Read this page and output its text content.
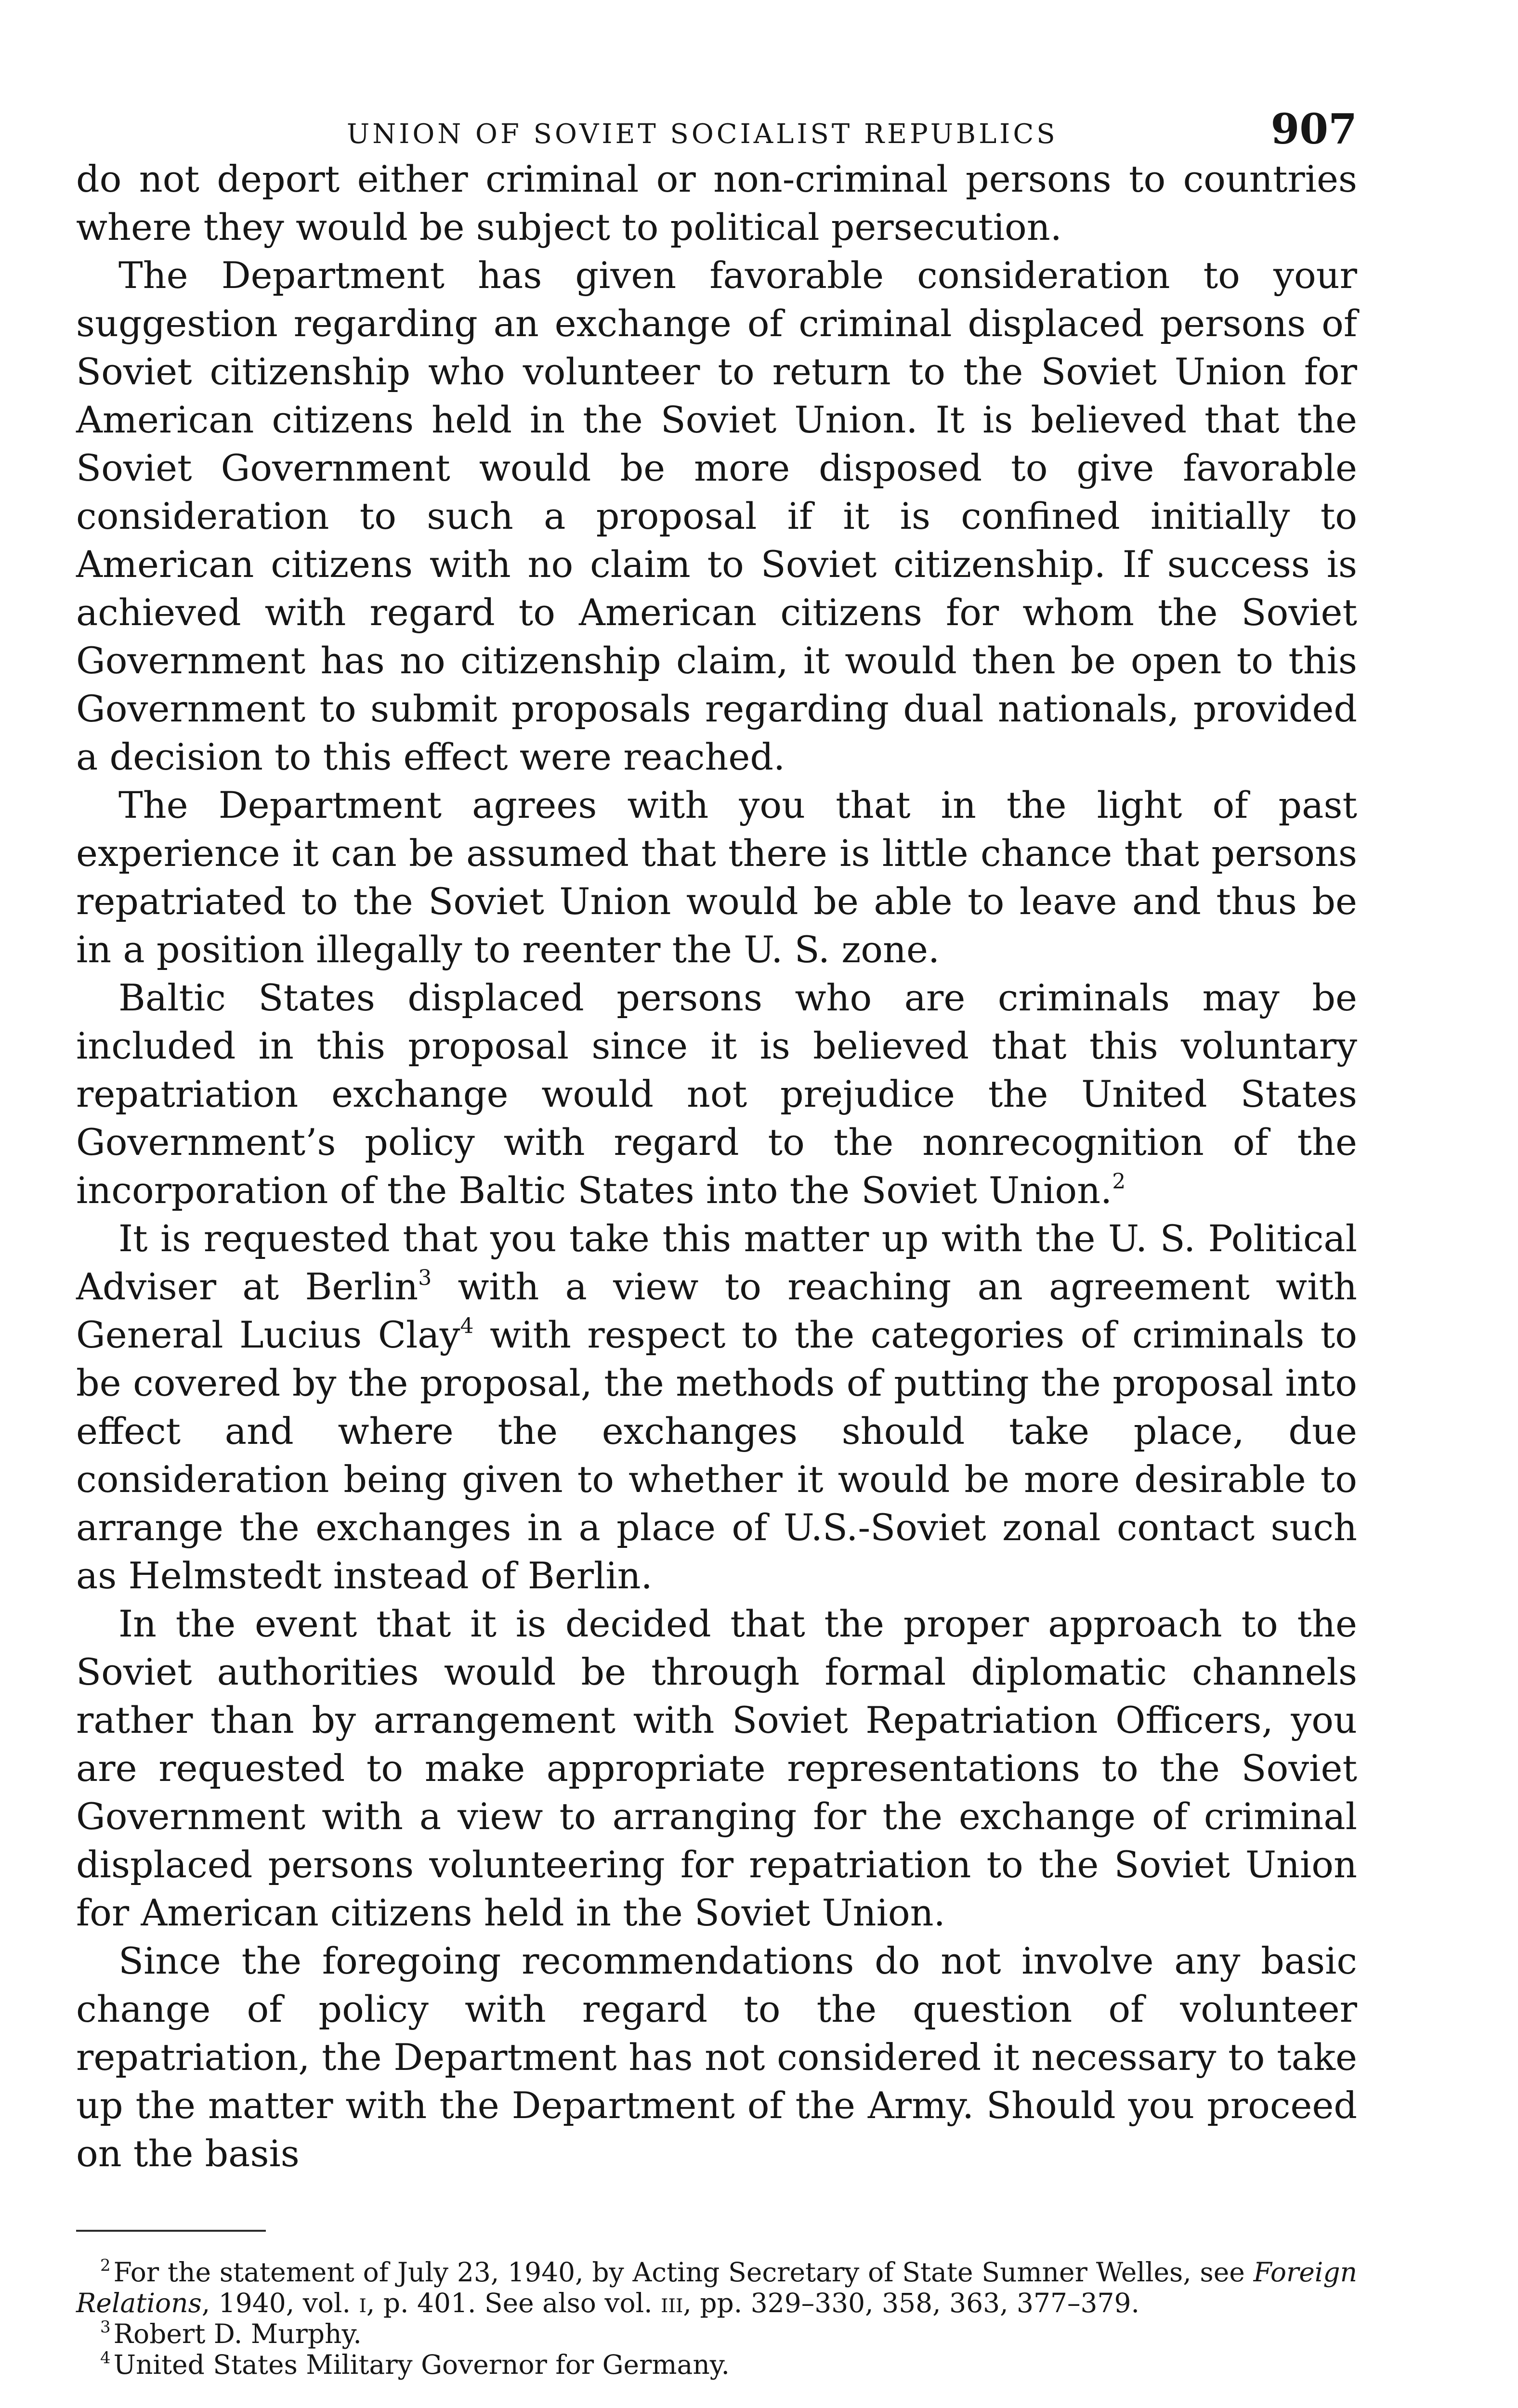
UNION OF SOVIET SOCIALIST REPUBLICS	907

do not deport either criminal or non-criminal persons to countries where they would be subject to political persecution.

The Department has given favorable consideration to your suggestion regarding an exchange of criminal displaced persons of Soviet citizenship who volunteer to return to the Soviet Union for American citizens held in the Soviet Union. It is believed that the Soviet Government would be more disposed to give favorable consideration to such a proposal if it is confined initially to American citizens with no claim to Soviet citizenship. If success is achieved with regard to American citizens for whom the Soviet Government has no citizenship claim, it would then be open to this Government to submit proposals regarding dual nationals, provided a decision to this effect were reached.

The Department agrees with you that in the light of past experience it can be assumed that there is little chance that persons repatriated to the Soviet Union would be able to leave and thus be in a position illegally to reenter the U. S. zone.

Baltic States displaced persons who are criminals may be included in this proposal since it is believed that this voluntary repatriation exchange would not prejudice the United States Government’s policy with regard to the nonrecognition of the incorporation of the Baltic States into the Soviet Union.$^2$

It is requested that you take this matter up with the U. S. Political Adviser at Berlin$^3$ with a view to reaching an agreement with General Lucius Clay$^4$ with respect to the categories of criminals to be covered by the proposal, the methods of putting the proposal into effect and where the exchanges should take place, due consideration being given to whether it would be more desirable to arrange the exchanges in a place of U.S.-Soviet zonal contact such as Helmstedt instead of Berlin.

In the event that it is decided that the proper approach to the Soviet authorities would be through formal diplomatic channels rather than by arrangement with Soviet Repatriation Officers, you are requested to make appropriate representations to the Soviet Government with a view to arranging for the exchange of criminal displaced persons volunteering for repatriation to the Soviet Union for American citizens held in the Soviet Union.

Since the foregoing recommendations do not involve any basic change of policy with regard to the question of volunteer repatriation, the Department has not considered it necessary to take up the matter with the Department of the Army. Should you proceed on the basis

$^2$ For the statement of July 23, 1940, by Acting Secretary of State Sumner Welles, see Foreign Relations, 1940, vol. i, p. 401. See also vol. iii, pp. 329–330, 358, 363, 377–379.

$^3$ Robert D. Murphy.

$^4$ United States Military Governor for Germany.
